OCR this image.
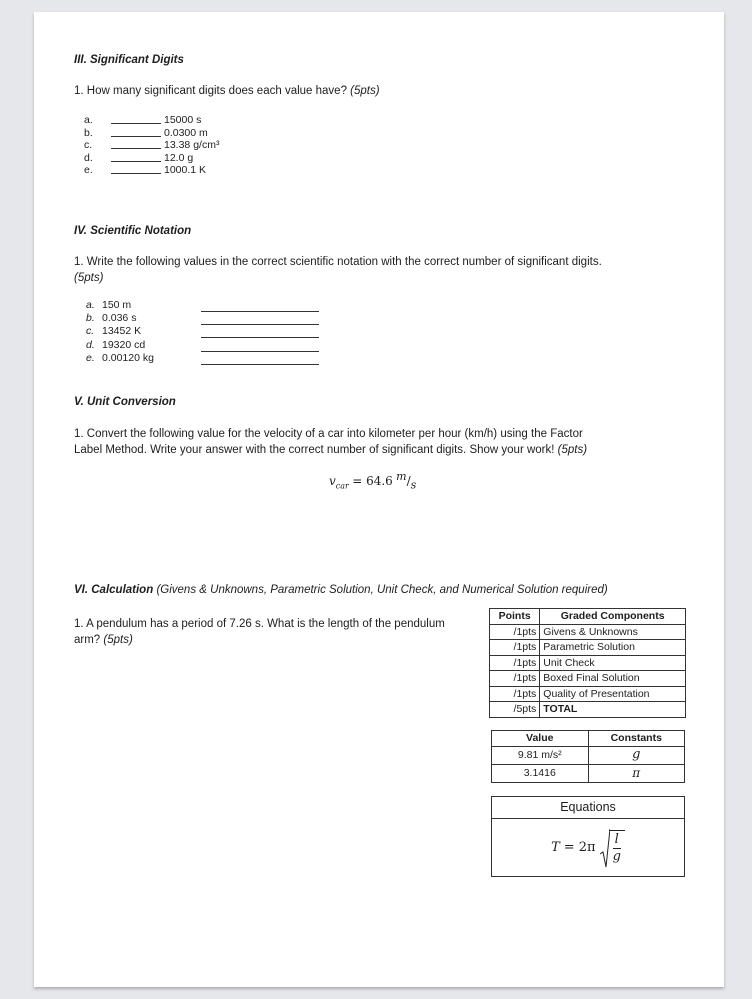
III. Significant Digits
1. How many significant digits does each value have? (5pts)
a.	15000 s
b.	0.0300 m
c.	13.38 g/cm³
d.	12.0 g
e.	1000.1 K
IV. Scientific Notation
1. Write the following values in the correct scientific notation with the correct number of significant digits.
(5pts)
a. 150 m
b. 0.036 s
c. 13452 K
d. 19320 cd
e. 0.00120 kg
V. Unit Conversion
1. Convert the following value for the velocity of a car into kilometer per hour (km/h) using the Factor
Label Method. Write your answer with the correct number of significant digits. Show your work! (5pts)
$v_{car} = 64.6$ $^m/_s$
VI. Calculation (Givens & Unknowns, Parametric Solution, Unit Check, and Numerical Solution required)
1. A pendulum has a period of 7.26 s. What is the length of the pendulum
arm? (5pts)
Points	Graded Components
/1pts	Givens & Unknowns
/1pts	Parametric Solution
/1pts	Unit Check
/1pts	Boxed Final Solution
/1pts	Quality of Presentation
/5pts	TOTAL
Value	Constants
9.81 m/s²	g
3.1416	π
Equations
$T = 2\pi \frac{l}{g}$
